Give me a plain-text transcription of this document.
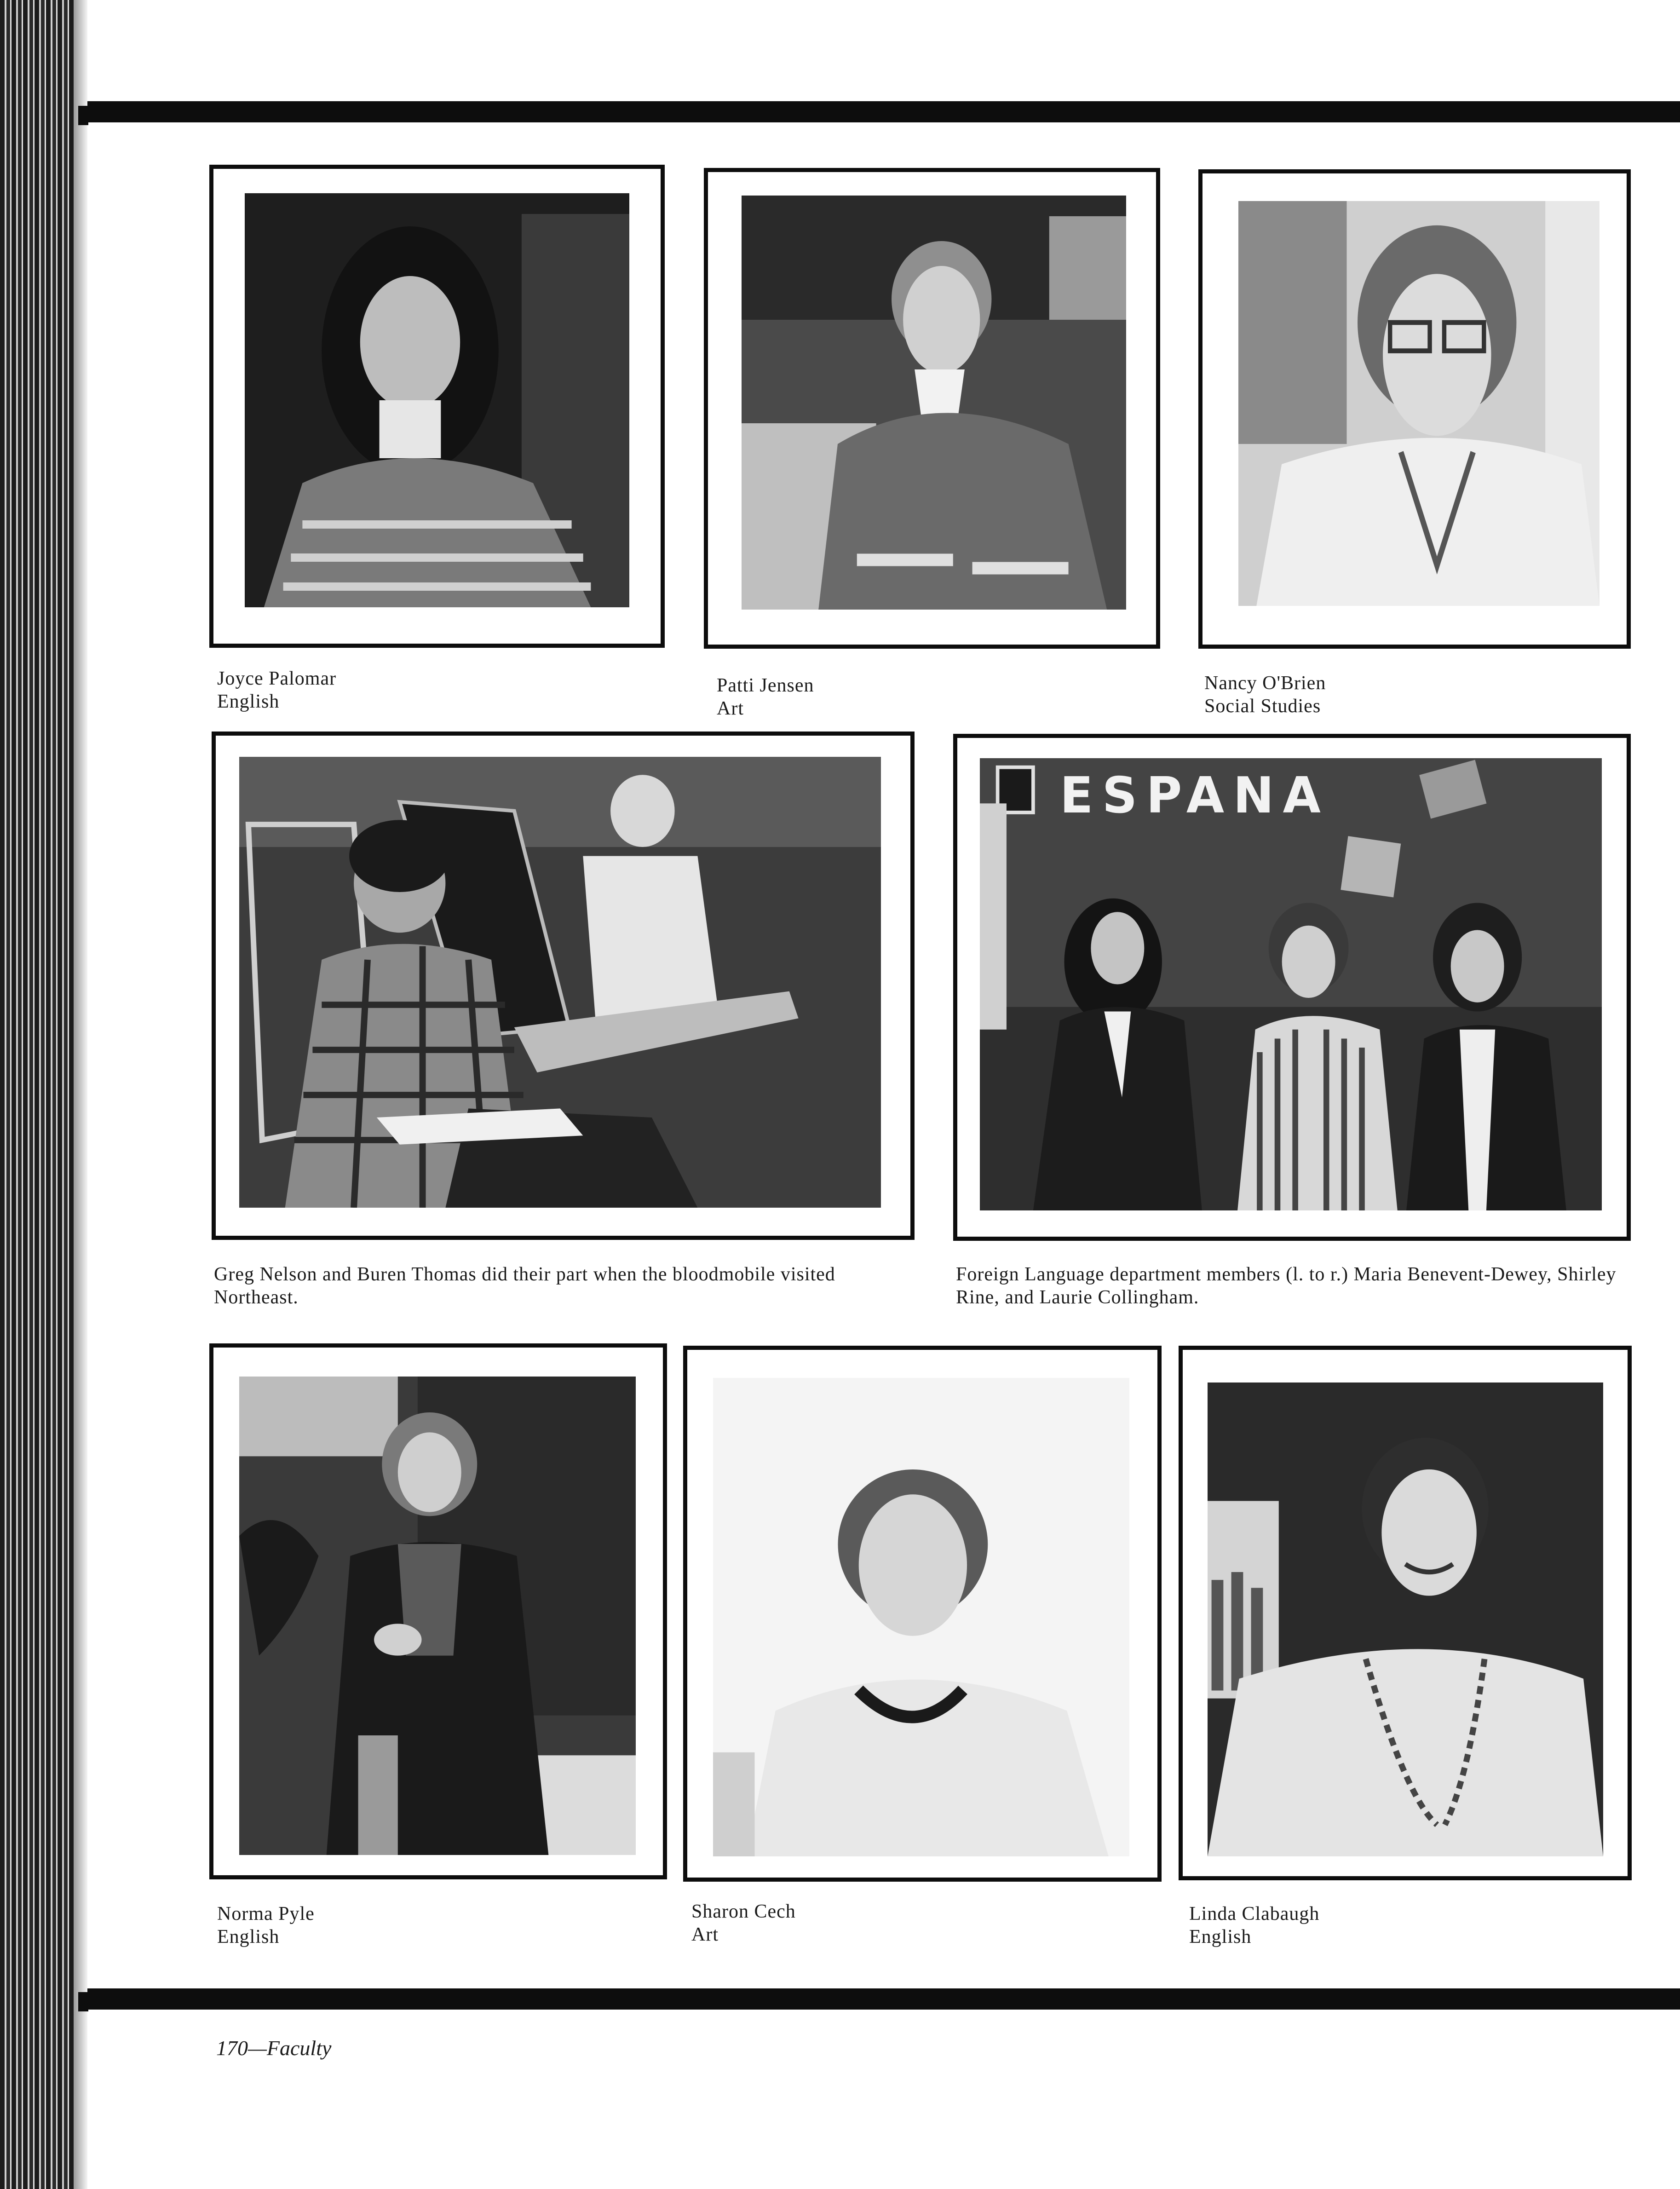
Joyce Palomar
English
Patti Jensen
Art
Nancy O'Brien
Social Studies
Greg Nelson and Buren Thomas did their part when the bloodmobile visited Northeast.
ESPANA
Foreign Language department members (l. to r.) Maria Benevent-Dewey, Shirley Rine, and Laurie Collingham.
Norma Pyle
English
Sharon Cech
Art
Linda Clabaugh
English
170—Faculty
